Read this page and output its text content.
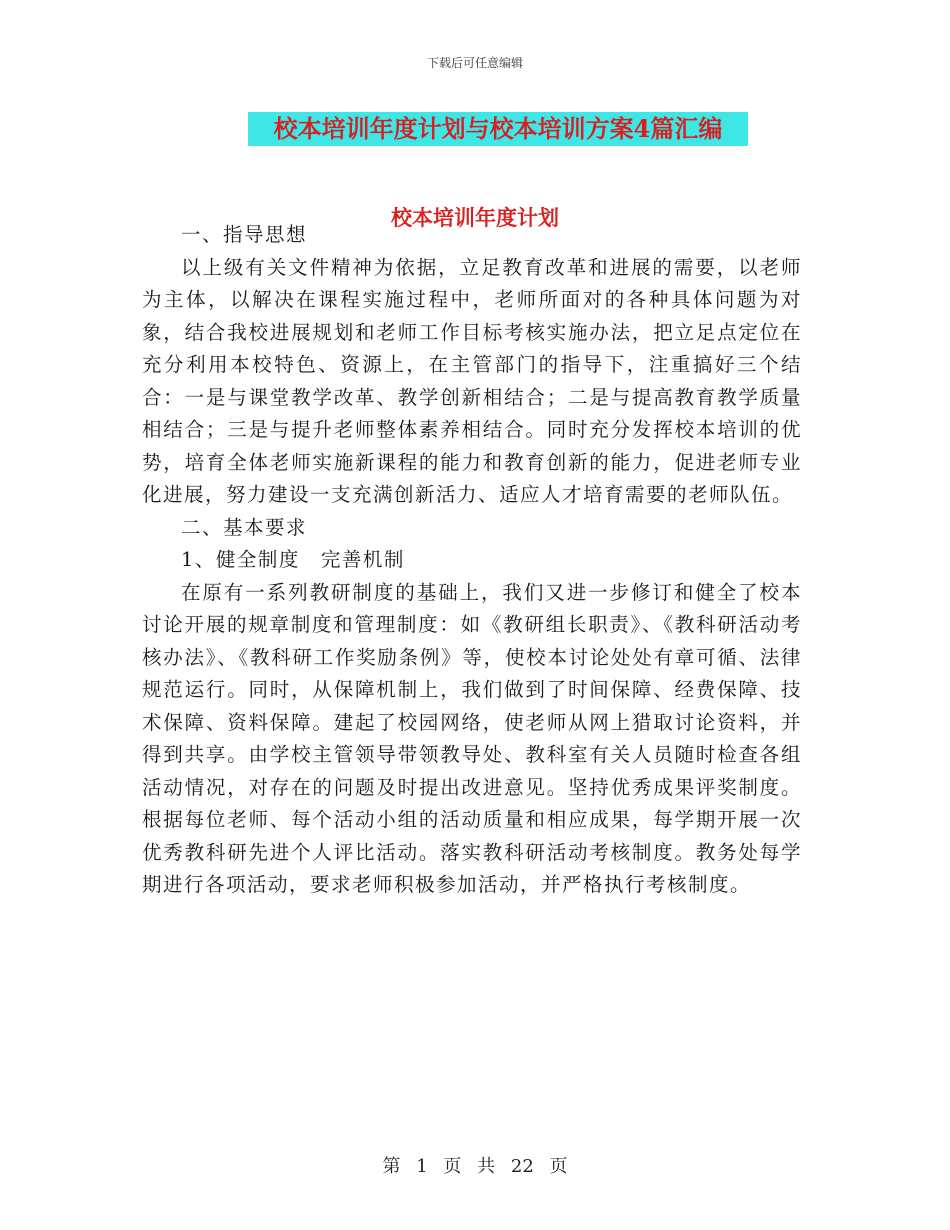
下载后可任意编辑
校本培训年度计划与校本培训方案4篇汇编
校本培训年度计划

一、指导思想

以上级有关文件精神为依据，立足教育改革和进展的需要，以老师为主体，以解决在课程实施过程中，老师所面对的各种具体问题为对象，结合我校进展规划和老师工作目标考核实施办法，把立足点定位在充分利用本校特色、资源上，在主管部门的指导下，注重搞好三个结合：一是与课堂教学改革、教学创新相结合；二是与提高教育教学质量相结合；三是与提升老师整体素养相结合。同时充分发挥校本培训的优势，培育全体老师实施新课程的能力和教育创新的能力，促进老师专业化进展，努力建设一支充满创新活力、适应人才培育需要的老师队伍。

二、基本要求

1、健全制度　完善机制

在原有一系列教研制度的基础上，我们又进一步修订和健全了校本讨论开展的规章制度和管理制度：如《教研组长职责》、《教科研活动考核办法》、《教科研工作奖励条例》等，使校本讨论处处有章可循、法律规范运行。同时，从保障机制上，我们做到了时间保障、经费保障、技术保障、资料保障。建起了校园网络，使老师从网上猎取讨论资料，并得到共享。由学校主管领导带领教导处、教科室有关人员随时检查各组活动情况，对存在的问题及时提出改进意见。坚持优秀成果评奖制度。根据每位老师、每个活动小组的活动质量和相应成果，每学期开展一次优秀教科研先进个人评比活动。落实教科研活动考核制度。教务处每学期进行各项活动，要求老师积极参加活动，并严格执行考核制度。

第 1 页 共 22 页
